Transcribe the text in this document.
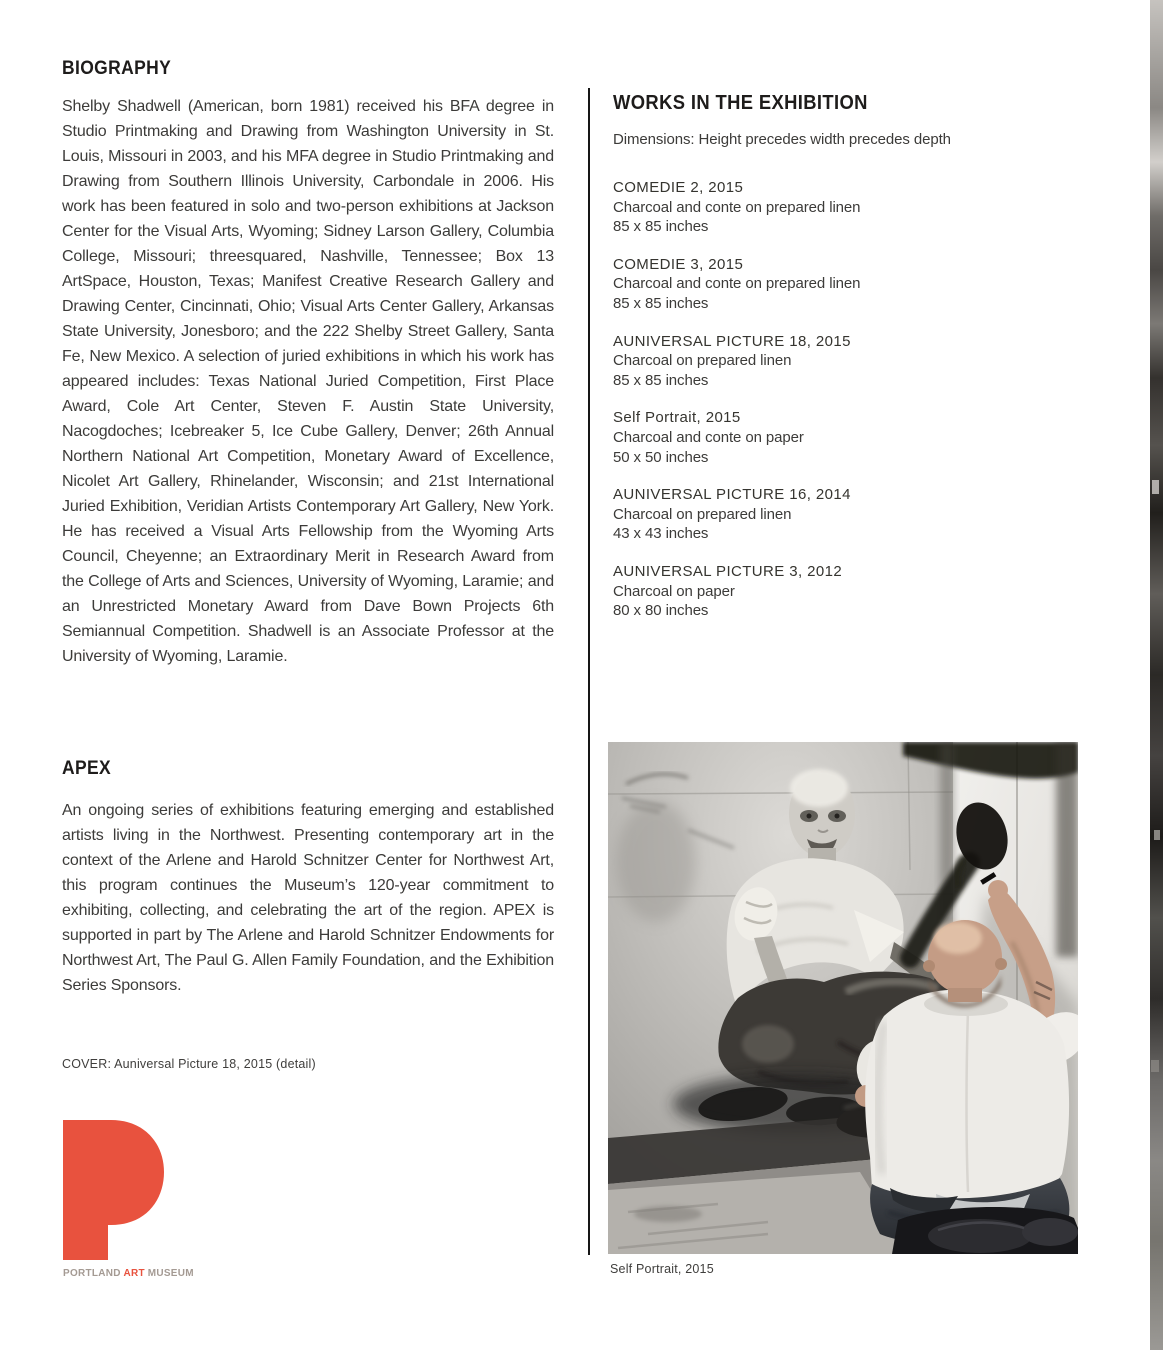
BIOGRAPHY
Shelby Shadwell (American, born 1981) received his BFA degree in Studio Printmaking and Drawing from Washington University in St. Louis, Missouri in 2003, and his MFA degree in Studio Printmaking and Drawing from Southern Illinois University, Carbondale in 2006. His work has been featured in solo and two-person exhibitions at Jackson Center for the Visual Arts, Wyoming; Sidney Larson Gallery, Columbia College, Missouri; threesquared, Nashville, Tennessee; Box 13 ArtSpace, Houston, Texas; Manifest Creative Research Gallery and Drawing Center, Cincinnati, Ohio; Visual Arts Center Gallery, Arkansas State University, Jonesboro; and the 222 Shelby Street Gallery, Santa Fe, New Mexico. A selection of juried exhibitions in which his work has appeared includes: Texas National Juried Competition, First Place Award, Cole Art Center, Steven F. Austin State University, Nacogdoches; Icebreaker 5, Ice Cube Gallery, Denver; 26th Annual Northern National Art Competition, Monetary Award of Excellence, Nicolet Art Gallery, Rhinelander, Wisconsin; and 21st International Juried Exhibition, Veridian Artists Contemporary Art Gallery, New York. He has received a Visual Arts Fellowship from the Wyoming Arts Council, Cheyenne; an Extraordinary Merit in Research Award from the College of Arts and Sciences, University of Wyoming, Laramie; and an Unrestricted Monetary Award from Dave Bown Projects 6th Semiannual Competition. Shadwell is an Associate Professor at the University of Wyoming, Laramie.
APEX
An ongoing series of exhibitions featuring emerging and established artists living in the Northwest. Presenting contemporary art in the context of the Arlene and Harold Schnitzer Center for Northwest Art, this program continues the Museum’s 120-year commitment to exhibiting, collecting, and celebrating the art of the region. APEX is supported in part by The Arlene and Harold Schnitzer Endowments for Northwest Art, The Paul G. Allen Family Foundation, and the Exhibition Series Sponsors.
COVER: Auniversal Picture 18, 2015 (detail)
PORTLAND ART MUSEUM
WORKS IN THE EXHIBITION
Dimensions: Height precedes width precedes depth
COMEDIE 2, 2015
Charcoal and conte on prepared linen
85 x 85 inches
COMEDIE 3, 2015
Charcoal and conte on prepared linen
85 x 85 inches
AUNIVERSAL PICTURE 18, 2015
Charcoal on prepared linen
85 x 85 inches
Self Portrait, 2015
Charcoal and conte on paper
50 x 50 inches
AUNIVERSAL PICTURE 16, 2014
Charcoal on prepared linen
43 x 43 inches
AUNIVERSAL PICTURE 3, 2012
Charcoal on paper
80 x 80 inches
Self Portrait, 2015
